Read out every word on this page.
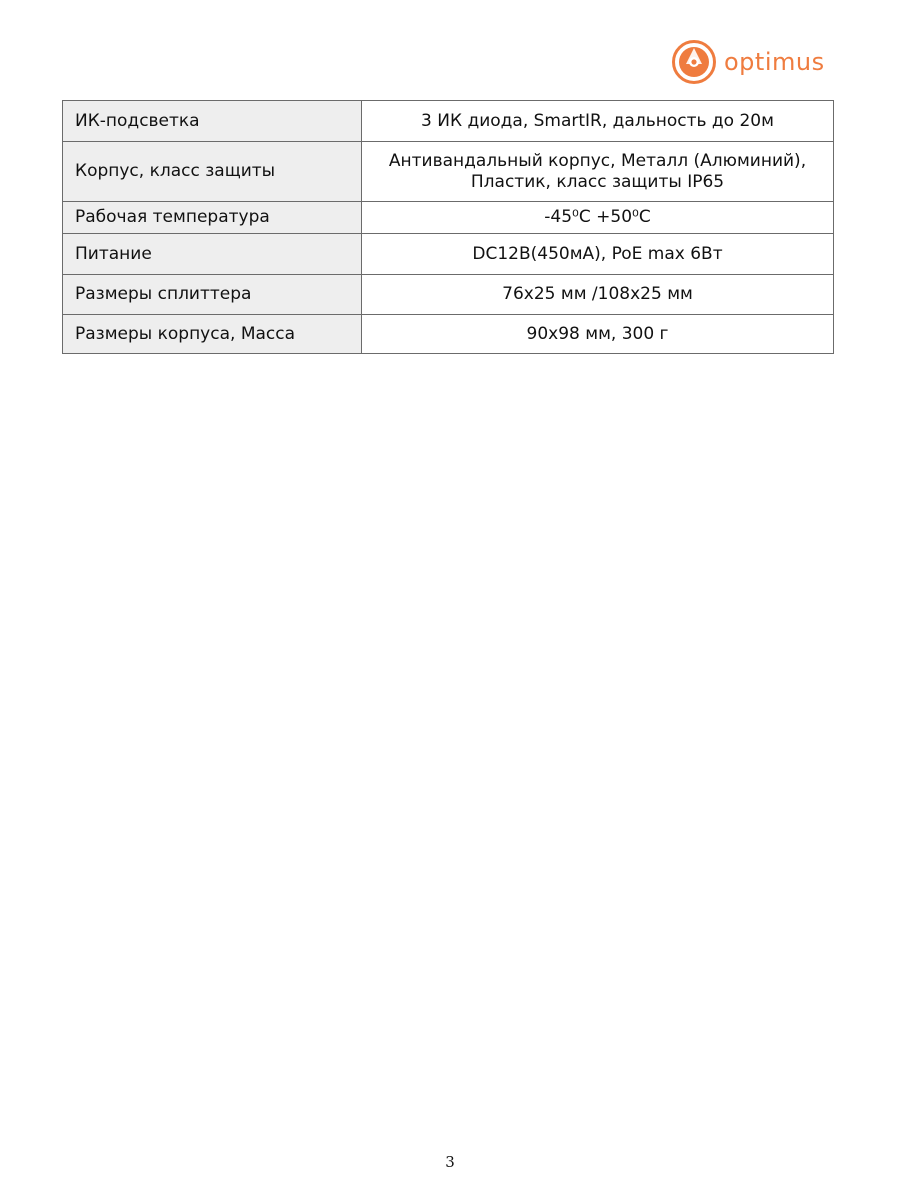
optimus
ИК-подсветка	3 ИК диода, SmartIR, дальность до 20м
Корпус, класс защиты	Антивандальный корпус, Металл (Алюминий),
Пластик, класс защиты IP65
Рабочая температура	-45⁰С +50⁰С
Питание	DC12В(450мА), PoE max 6Вт
Размеры сплиттера	76x25 мм /108x25 мм
Размеры корпуса, Масса	90x98 мм, 300 г
3
